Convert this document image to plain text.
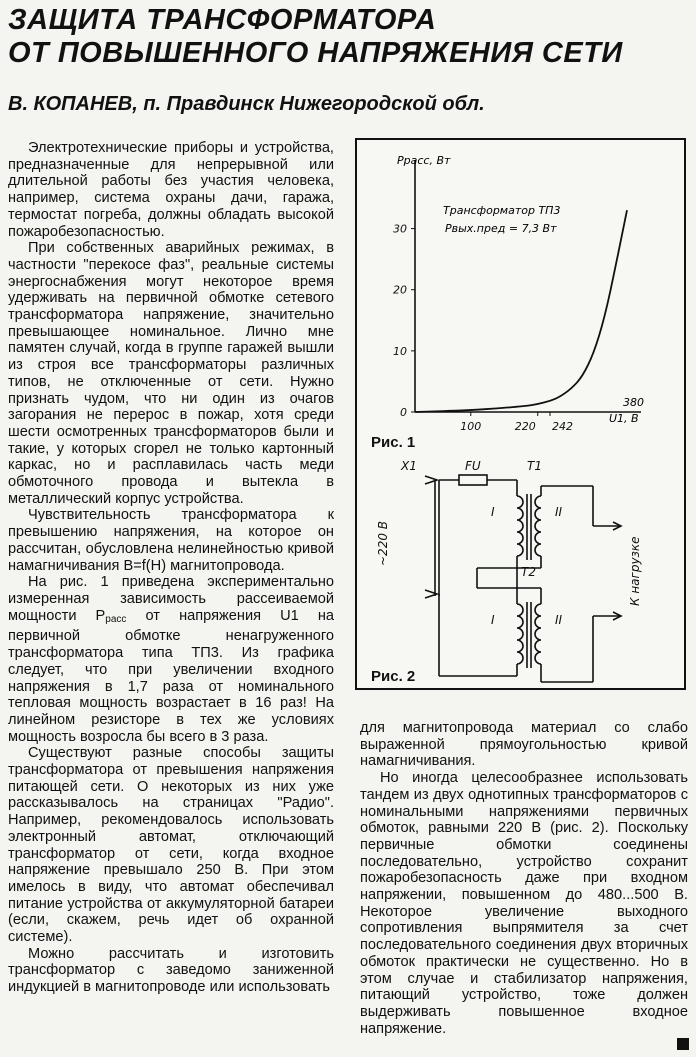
ЗАЩИТА ТРАНСФОРМАТОРА
ОТ ПОВЫШЕННОГО НАПРЯЖЕНИЯ СЕТИ
В. КОПАНЕВ, п. Правдинск Нижегородской обл.

Электротехнические приборы и устройства, предназначенные для непрерывной или длительной работы без участия человека, например, система охраны дачи, гаража, термостат погреба, должны обладать высокой пожаробезопасностью.

При собственных аварийных режимах, в частности "перекосе фаз", реальные системы энергоснабжения могут некоторое время удерживать на первичной обмотке сетевого трансформатора напряжение, значительно превышающее номинальное. Лично мне памятен случай, когда в группе гаражей вышли из строя все трансформаторы различных типов, не отключенные от сети. Нужно признать чудом, что ни один из очагов загорания не перерос в пожар, хотя среди шести осмотренных трансформаторов были и такие, у которых сгорел не только картонный каркас, но и расплавилась часть меди обмоточного провода и вытекла в металлический корпус устройства.

Чувствительность трансформатора к превышению напряжения, на которое он рассчитан, обусловлена нелинейностью кривой намагничивания B=f(H) магнитопровода.

На рис. 1 приведена экспериментально измеренная зависимость рассеиваемой мощности $P_{расс}$ от напряжения U1 на первичной обмотке ненагруженного трансформатора типа ТП3. Из графика следует, что при увеличении входного напряжения в 1,7 раза от номинального тепловая мощность возрастает в 16 раз! На линейном резисторе в тех же условиях мощность возросла бы всего в 3 раза.

Существуют разные способы защиты трансформатора от превышения напряжения питающей сети. О некоторых из них уже рассказывалось на страницах "Радио". Например, рекомендовалось использовать электронный автомат, отключающий трансформатор от сети, когда входное напряжение превышало 250 В. При этом имелось в виду, что автомат обеспечивал питание устройства от аккумуляторной батареи (если, скажем, речь идет об охранной системе).

Можно рассчитать и изготовить трансформатор с заведомо заниженной индукцией в магнитопроводе или использовать

0
10
20
30
100	220 242
Pрасс, Вт
U1, В
Трансформатор ТП3
Pвых.пред = 7,3 Вт
380
Рис. 1
X1	FU	T1
T2
~220 В	К нагрузке
I	II
I	II
Рис. 2

для магнитопровода материал со слабо выраженной прямоугольностью кривой намагничивания.

Но иногда целесообразнее использовать тандем из двух однотипных трансформаторов с номинальными напряжениями первичных обмоток, равными 220 В (рис. 2). Поскольку первичные обмотки соединены последовательно, устройство сохранит пожаробезопасность даже при входном напряжении, повышенном до 480...500 В. Некоторое увеличение выходного сопротивления выпрямителя за счет последовательного соединения двух вторичных обмоток практически не существенно. Но в этом случае и стабилизатор напряжения, питающий устройство, тоже должен выдерживать повышенное входное напряжение.
